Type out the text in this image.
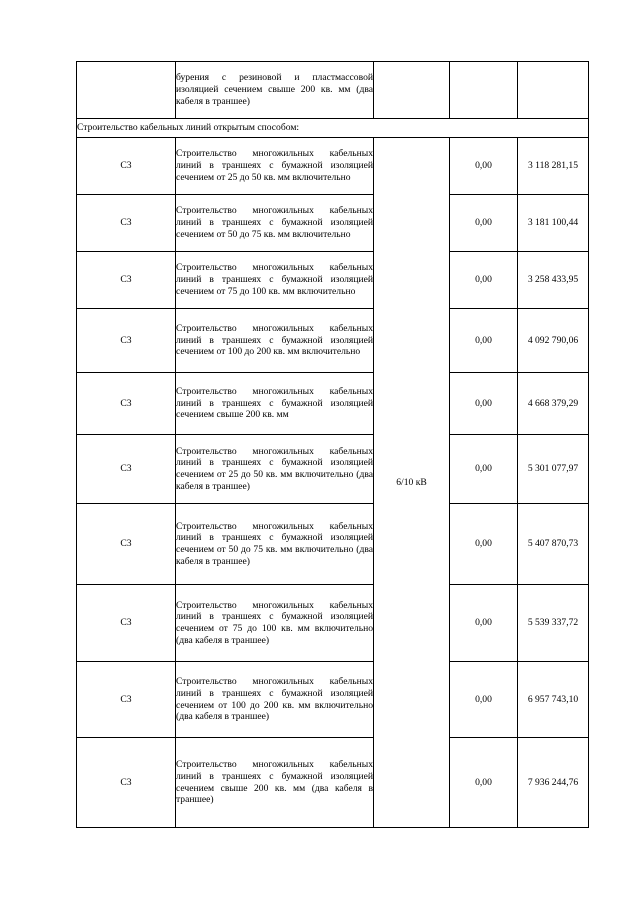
	бурения с резиновой и пластмассовой изоляцией сечением свыше 200 кв. мм (два кабеля в траншее)			

Строительство кабельных линий открытым способом:				
С3	Строительство многожильных кабельных линий в траншеях с бумажной изоляцией сечением от 25 до 50 кв. мм включительно	6/10 кВ	0,00	3 118 281,15
С3	Строительство многожильных кабельных линий в траншеях с бумажной изоляцией сечением от 50 до 75 кв. мм включительно		0,00	3 181 100,44
С3	Строительство многожильных кабельных линий в траншеях с бумажной изоляцией сечением от 75 до 100 кв. мм включительно		0,00	3 258 433,95
С3	Строительство многожильных кабельных линий в траншеях с бумажной изоляцией сечением от 100 до 200 кв. мм включительно		0,00	4 092 790,06
С3	Строительство многожильных кабельных линий в траншеях с бумажной изоляцией сечением свыше 200 кв. мм		0,00	4 668 379,29
С3	Строительство многожильных кабельных линий в траншеях с бумажной изоляцией сечением от 25 до 50 кв. мм включительно (два кабеля в траншее)		0,00	5 301 077,97
С3	Строительство многожильных кабельных линий в траншеях с бумажной изоляцией сечением от 50 до 75 кв. мм включительно (два кабеля в траншее)		0,00	5 407 870,73
С3	Строительство многожильных кабельных линий в траншеях с бумажной изоляцией сечением от 75 до 100 кв. мм включительно (два кабеля в траншее)		0,00	5 539 337,72
С3	Строительство многожильных кабельных линий в траншеях с бумажной изоляцией сечением от 100 до 200 кв. мм включительно (два кабеля в траншее)		0,00	6 957 743,10
С3	Строительство многожильных кабельных линий в траншеях с бумажной изоляцией сечением свыше 200 кв. мм (два кабеля в траншее)		0,00	7 936 244,76
